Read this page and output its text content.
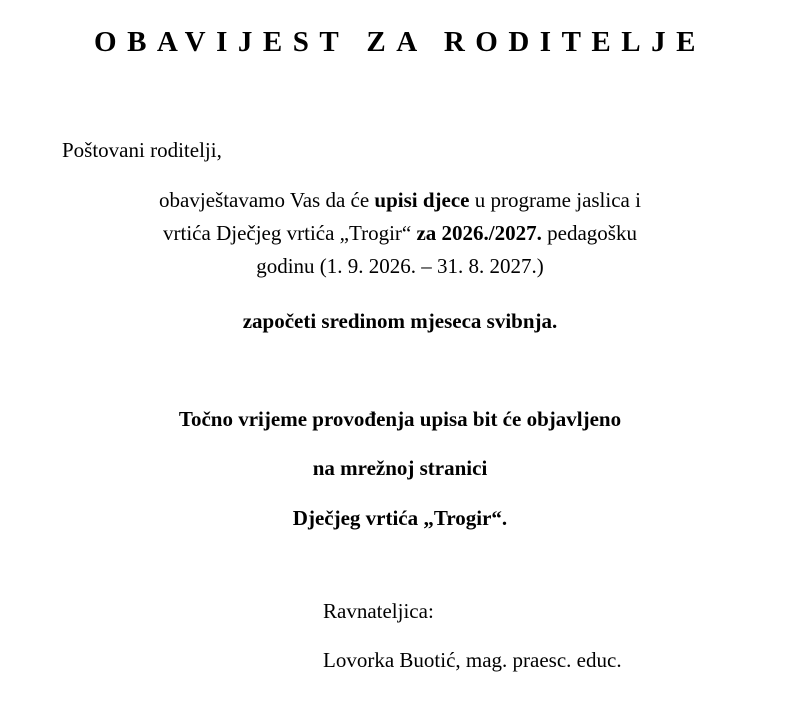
OBAVIJEST ZA RODITELJE
Poštovani roditelji,
obavještavamo Vas da će upisi djece u programe jaslica i
vrtića Dječjeg vrtića „Trogir“ za 2026./2027. pedagošku
godinu (1. 9. 2026. – 31. 8. 2027.)
započeti sredinom mjeseca svibnja.
Točno vrijeme provođenja upisa bit će objavljeno
na mrežnoj stranici
Dječjeg vrtića „Trogir“.
Ravnateljica:
Lovorka Buotić, mag. praesc. educ.
